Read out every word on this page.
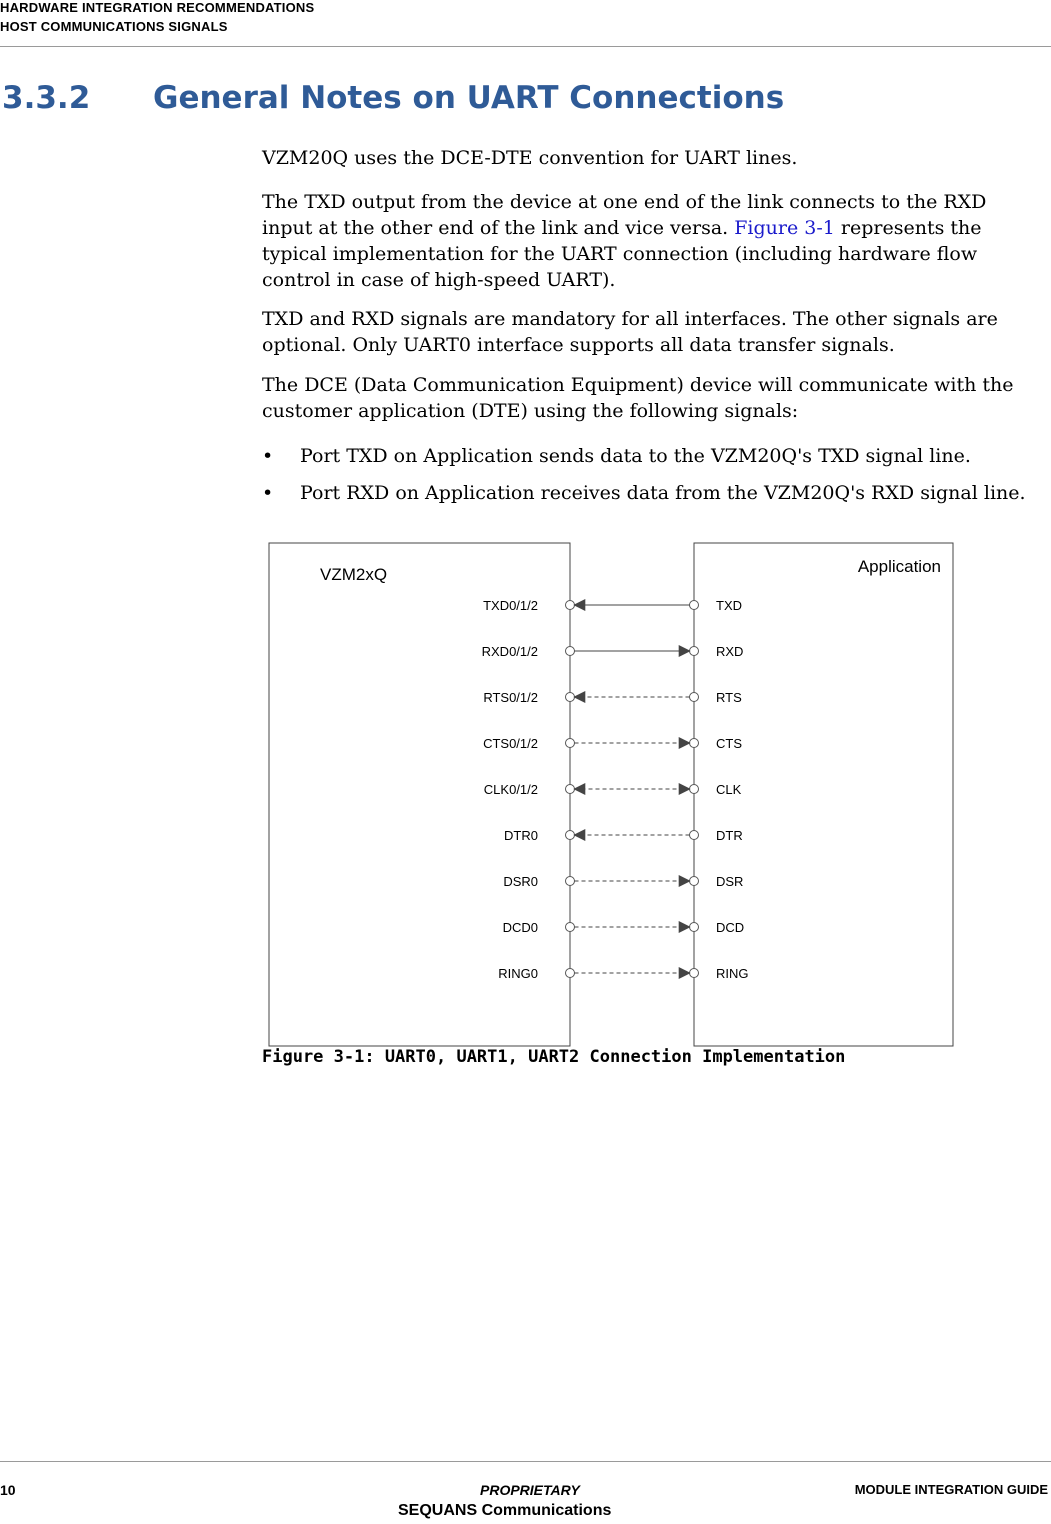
HARDWARE INTEGRATION RECOMMENDATIONS
HOST COMMUNICATIONS SIGNALS
3.3.2 General Notes on UART Connections

VZM20Q uses the DCE-DTE convention for UART lines.

The TXD output from the device at one end of the link connects to the RXD input at the other end of the link and vice versa. Figure 3-1 represents the typical implementation for the UART connection (including hardware flow control in case of high-speed UART).

TXD and RXD signals are mandatory for all interfaces. The other signals are optional. Only UART0 interface supports all data transfer signals.

The DCE (Data Communication Equipment) device will communicate with the customer application (DTE) using the following signals:

• Port TXD on Application sends data to the VZM20Q's TXD signal line.
• Port RXD on Application receives data from the VZM20Q's RXD signal line.
VZM2xQ	Application
TXD0/1/2	TXD
RXD0/1/2	RXD
RTS0/1/2	RTS
CTS0/1/2	CTS
CLK0/1/2	CLK
DTR0	DTR
DSR0	DSR
DCD0	DCD
RING0	RING
Figure 3-1: UART0, UART1, UART2 Connection Implementation
10	PROPRIETARY
SEQUANS Communications
MODULE INTEGRATION GUIDE
